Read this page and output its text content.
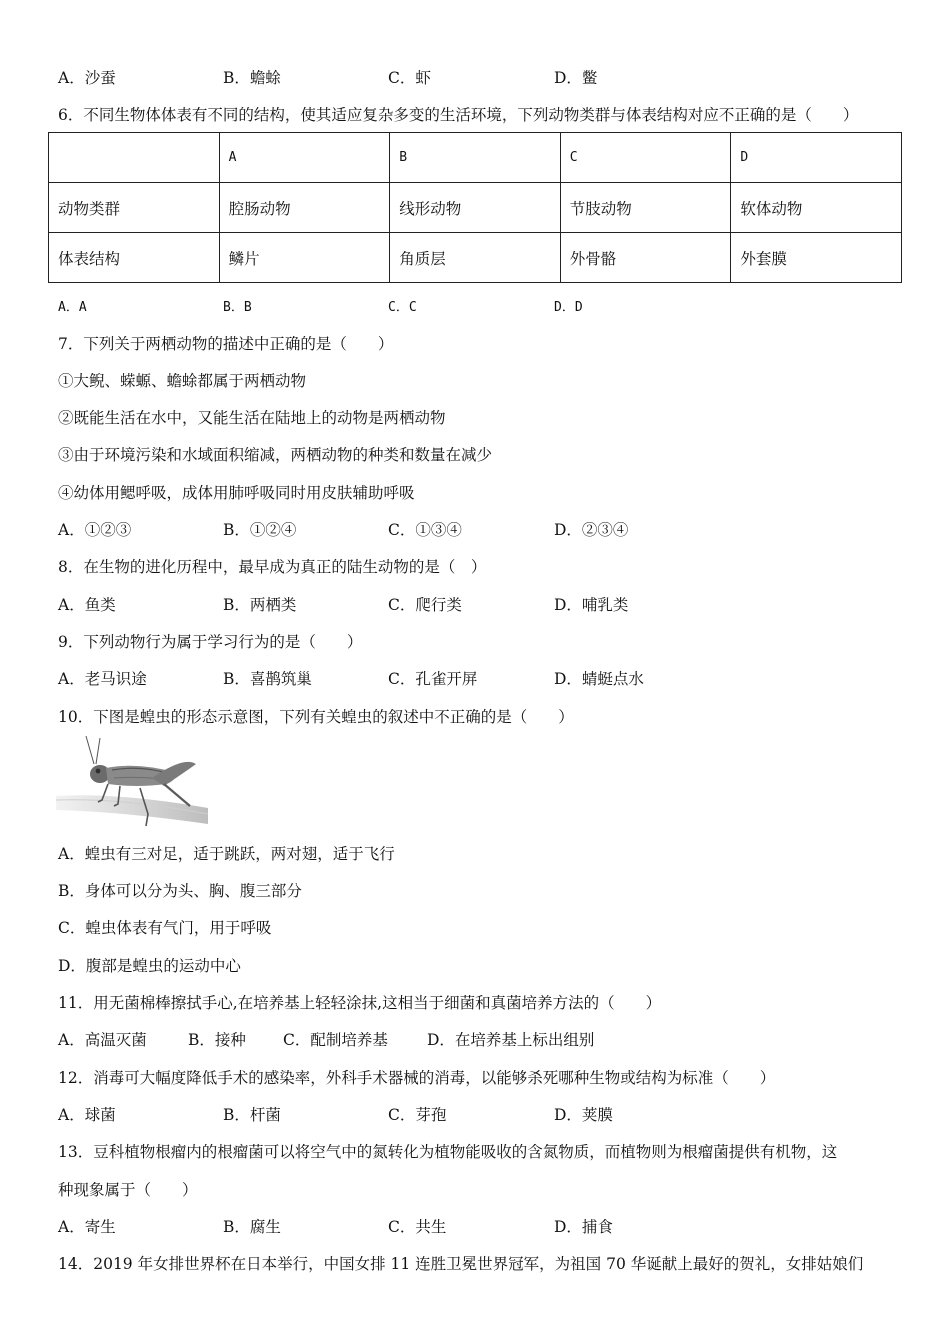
A．沙蚕	B．蟾蜍	C．虾	D．鳖
6．不同生物体体表有不同的结构，使其适应复杂多变的生活环境，下列动物类群与体表结构对应不正确的是（　　）
	A	B	C	D
动物类群	腔肠动物	线形动物	节肢动物	软体动物
体表结构	鳞片	角质层	外骨骼	外套膜
A．A	B．B	C．C	D．D
7．下列关于两栖动物的描述中正确的是（　　）
①大鲵、蝾螈、蟾蜍都属于两栖动物
②既能生活在水中，又能生活在陆地上的动物是两栖动物
③由于环境污染和水域面积缩减，两栖动物的种类和数量在减少
④幼体用鳃呼吸，成体用肺呼吸同时用皮肤辅助呼吸
A．①②③	B．①②④	C．①③④	D．②③④
8．在生物的进化历程中，最早成为真正的陆生动物的是（　）
A．鱼类	B．两栖类	C．爬行类	D．哺乳类
9．下列动物行为属于学习行为的是（　　）
A．老马识途	B．喜鹊筑巢	C．孔雀开屏	D．蜻蜓点水
10．下图是蝗虫的形态示意图，下列有关蝗虫的叙述中不正确的是（　　）
A．蝗虫有三对足，适于跳跃，两对翅，适于飞行
B．身体可以分为头、胸、腹三部分
C．蝗虫体表有气门，用于呼吸
D．腹部是蝗虫的运动中心
11．用无菌棉棒擦拭手心,在培养基上轻轻涂抹,这相当于细菌和真菌培养方法的（　　）
A．高温灭菌	B．接种 C．配制培养基	D．在培养基上标出组别
12．消毒可大幅度降低手术的感染率，外科手术器械的消毒，以能够杀死哪种生物或结构为标准（　　）
A．球菌	B．杆菌	C．芽孢	D．荚膜
13．豆科植物根瘤内的根瘤菌可以将空气中的氮转化为植物能吸收的含氮物质，而植物则为根瘤菌提供有机物，这
种现象属于（　　）
A．寄生	B．腐生	C．共生	D．捕食
14．2019 年女排世界杯在日本举行，中国女排 11 连胜卫冕世界冠军，为祖国 70 华诞献上最好的贺礼，女排姑娘们
